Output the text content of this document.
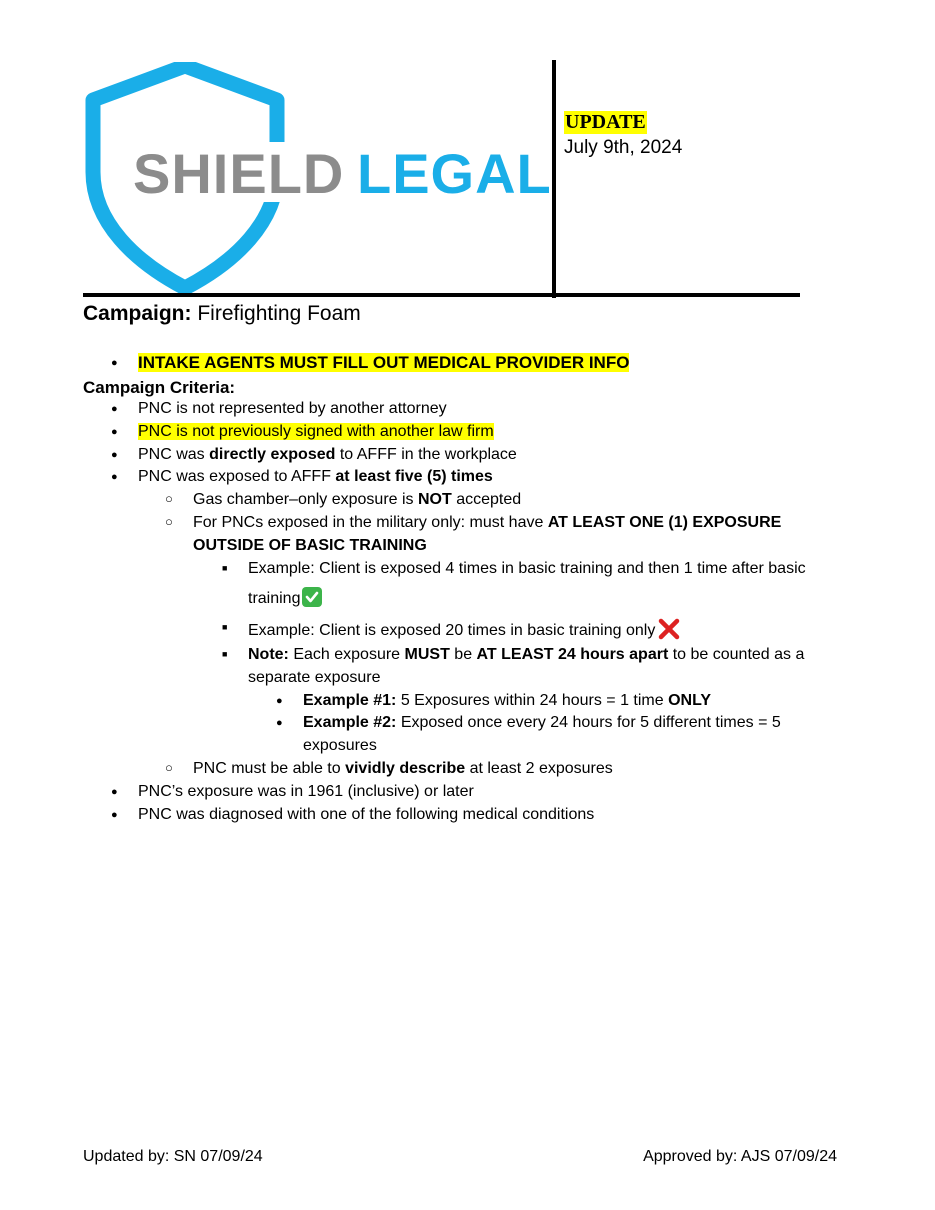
SHIELD LEGAL
UPDATE
July 9th, 2024
Campaign: Firefighting Foam
●
INTAKE AGENTS MUST FILL OUT MEDICAL PROVIDER INFO
Campaign Criteria:
●
PNC is not represented by another attorney
●
PNC is not previously signed with another law firm
●
PNC was directly exposed to AFFF in the workplace
●
PNC was exposed to AFFF at least five (5) times
○
Gas chamber–only exposure is NOT accepted
○
For PNCs exposed in the military only: must have AT LEAST ONE (1) EXPOSURE
OUTSIDE OF BASIC TRAINING
■
Example: Client is exposed 4 times in basic training and then 1 time after basic
training
■
Example: Client is exposed 20 times in basic training only
■
Note: Each exposure MUST be AT LEAST 24 hours apart to be counted as a
separate exposure
●
Example #1: 5 Exposures within 24 hours = 1 time ONLY
●
Example #2: Exposed once every 24 hours for 5 different times = 5
exposures
○
PNC must be able to vividly describe at least 2 exposures
●
PNC’s exposure was in 1961 (inclusive) or later
●
PNC was diagnosed with one of the following medical conditions
Updated by: SN 07/09/24	Approved by: AJS 07/09/24
